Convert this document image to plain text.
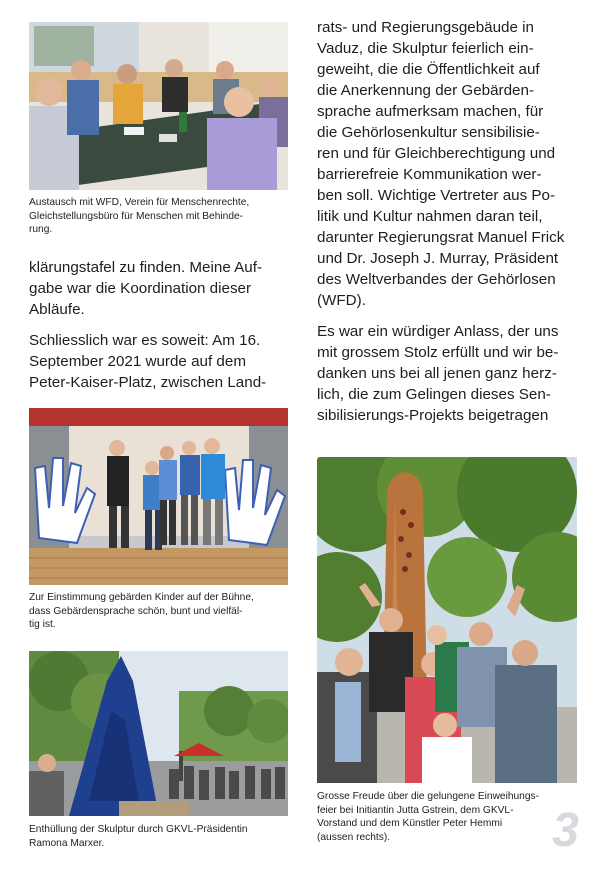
Austausch mit WFD, Verein für Menschenrechte,
Gleichstellungsbüro für Menschen mit Behinde-
rung.

klärungstafel zu finden. Meine Auf-
gabe war die Koordination dieser
Abläufe.

Schliesslich war es soweit: Am 16.
September 2021 wurde auf dem
Peter-Kaiser-Platz, zwischen Land-

Zur Einstimmung gebärden Kinder auf der Bühne,
dass Gebärdensprache schön, bunt und vielfäl-
tig ist.
Enthüllung der Skulptur durch GKVL-Präsidentin
Ramona Marxer.

rats- und Regierungsgebäude in
Vaduz, die Skulptur feierlich ein-
geweiht, die die Öffentlichkeit auf
die Anerkennung der Gebärden-
sprache aufmerksam machen, für
die Gehörlosenkultur sensibilisie-
ren und für Gleichberechtigung und
barrierefreie Kommunikation wer-
ben soll. Wichtige Vertreter aus Po-
litik und Kultur nahmen daran teil,
darunter Regierungsrat Manuel Frick
und Dr. Joseph J. Murray, Präsident
des Weltverbandes der Gehörlosen
(WFD).

Es war ein würdiger Anlass, der uns
mit grossem Stolz erfüllt und wir be-
danken uns bei all jenen ganz herz-
lich, die zum Gelingen dieses Sen-
sibilisierungs-Projekts beigetragen

Grosse Freude über die gelungene Einweihungs-
feier bei Initiantin Jutta Gstrein, dem GKVL-
Vorstand und dem Künstler Peter Hemmi
(aussen rechts).	3
